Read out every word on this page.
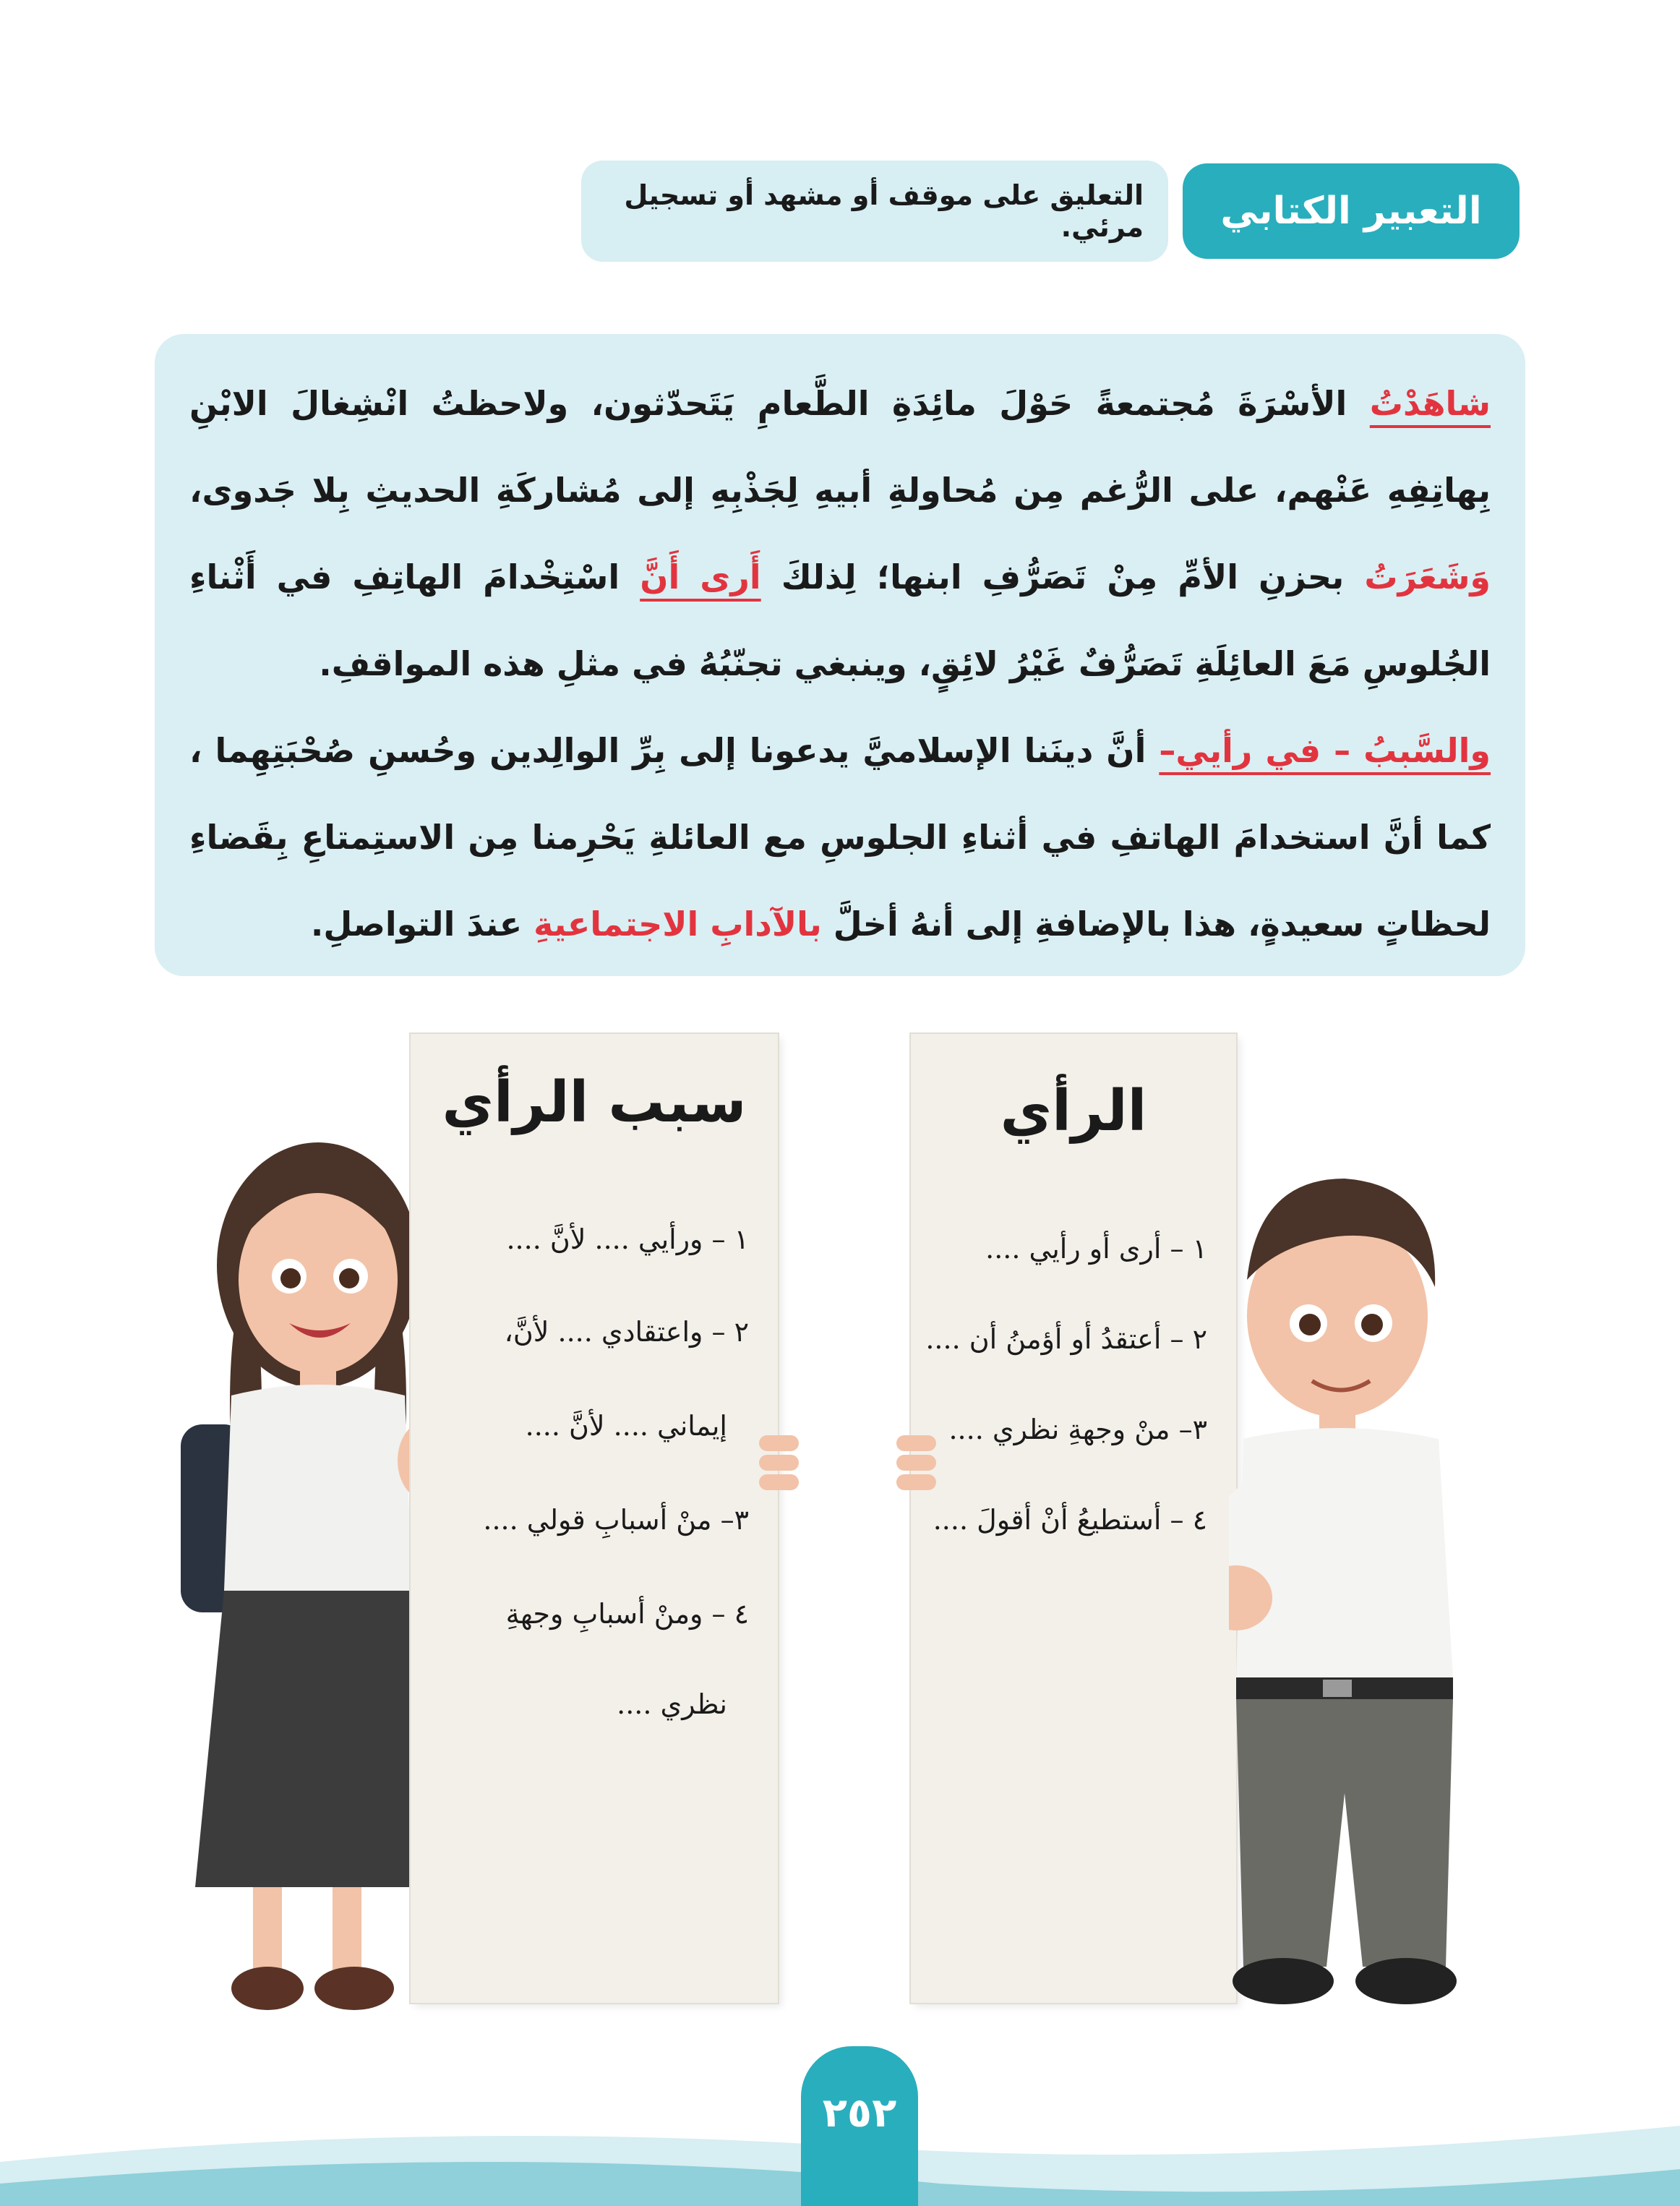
التعبير الكتابي
التعليق على موقف أو مشهد أو تسجيل مرئي.

شاهَدْتُ الأسْرَةَ مُجتمعةً حَوْلَ مائِدَةِ الطَّعامِ يَتَحدّثون، ولاحظتُ انْشِغالَ الابْنِ بِهاتِفِهِ عَنْهم، على الرُّغم مِن مُحاولةِ أبيهِ لِجَذْبِهِ إلى مُشاركَةِ الحديثِ بِلا جَدوى، وَشَعَرَتُ بحزنِ الأمِّ مِنْ تَصَرُّفِ ابنها؛ لِذلكَ أَرى أَنَّ اسْتِخْدامَ الهاتِفِ في أَثْناءِ الجُلوسِ مَعَ العائِلَةِ تَصَرُّفٌ غَيْرُ لائِقٍ، وينبغي تجنّبُهُ في مثلِ هذه المواقفِ.

والسَّببُ – في رأيي– أنَّ دينَنا الإسلاميَّ يدعونا إلى بِرِّ الوالِدين وحُسنِ صُحْبَتِهِما ، كما أنَّ استخدامَ الهاتفِ في أثناءِ الجلوسِ مع العائلةِ يَحْرِمنا مِن الاستِمتاعِ بِقَضاءِ لحظاتٍ سعيدةٍ، هذا بالإضافةِ إلى أنهُ أخلَّ بالآدابِ الاجتماعيةِ عندَ التواصلِ.

سبب الرأي
١ – ورأيي .... لأنَّ ....
٢ – واعتقادي .... لأنَّ،
إيماني .... لأنَّ ....
٣– منْ أسبابِ قولي ....
٤ – ومنْ أسبابِ وجهةِ
نظري ....
الرأي
١ – أرى أو رأيي ....
٢ – أعتقدُ أو أؤمنُ أن ....
٣– منْ وجهةِ نظري ....
٤ – أستطيعُ أنْ أقولَ ....
٢٥٢
